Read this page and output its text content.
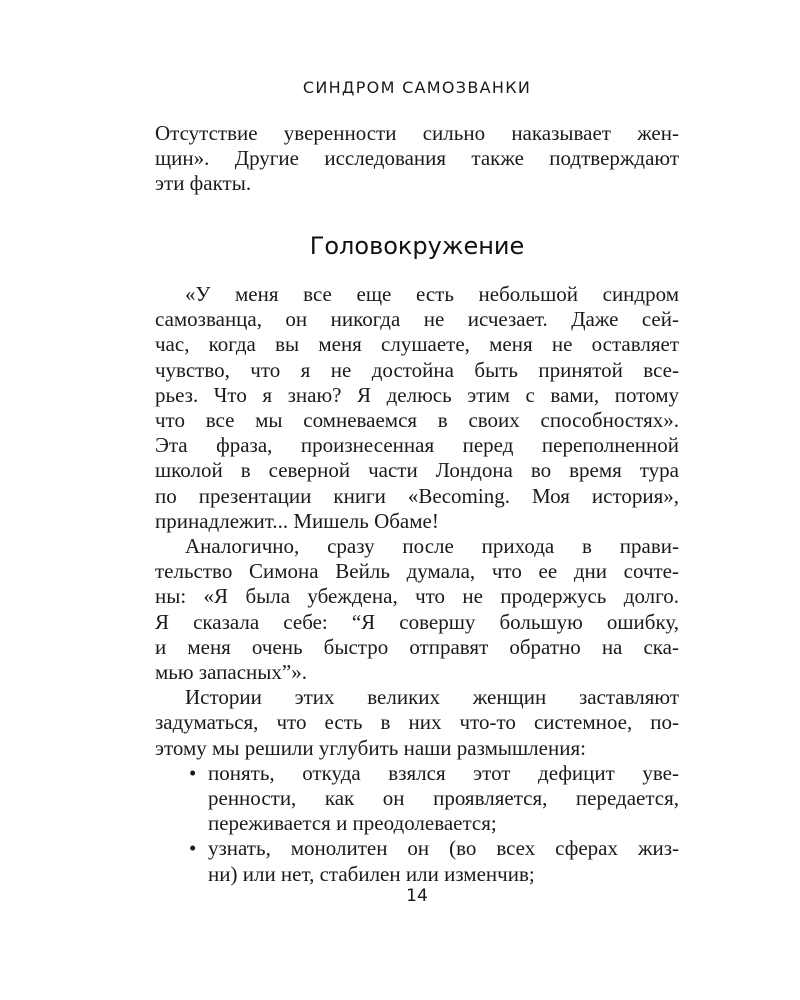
СИНДРОМ САМОЗВАНКИ
Отсутствие уверенности сильно наказывает жен-
щин». Другие исследования также подтверждают
эти факты.
Головокружение
«У меня все еще есть небольшой синдром
самозванца, он никогда не исчезает. Даже сей-
час, когда вы меня слушаете, меня не оставляет
чувство, что я не достойна быть принятой все-
рьез. Что я знаю? Я делюсь этим с вами, потому
что все мы сомневаемся в своих способностях».
Эта фраза, произнесенная перед переполненной
школой в северной части Лондона во время тура
по презентации книги «Becoming. Моя история»,
принадлежит... Мишель Обаме!
Аналогично, сразу после прихода в прави-
тельство Симона Вейль думала, что ее дни сочте-
ны: «Я была убеждена, что не продержусь долго.
Я сказала себе: “Я совершу большую ошибку,
и меня очень быстро отправят обратно на ска-
мью запасных”».
Истории этих великих женщин заставляют
задуматься, что есть в них что-то системное, по-
этому мы решили углубить наши размышления:
• понять, откуда взялся этот дефицит уве-
ренности, как он проявляется, передается,
переживается и преодолевается;
• узнать, монолитен он (во всех сферах жиз-
ни) или нет, стабилен или изменчив;
14
